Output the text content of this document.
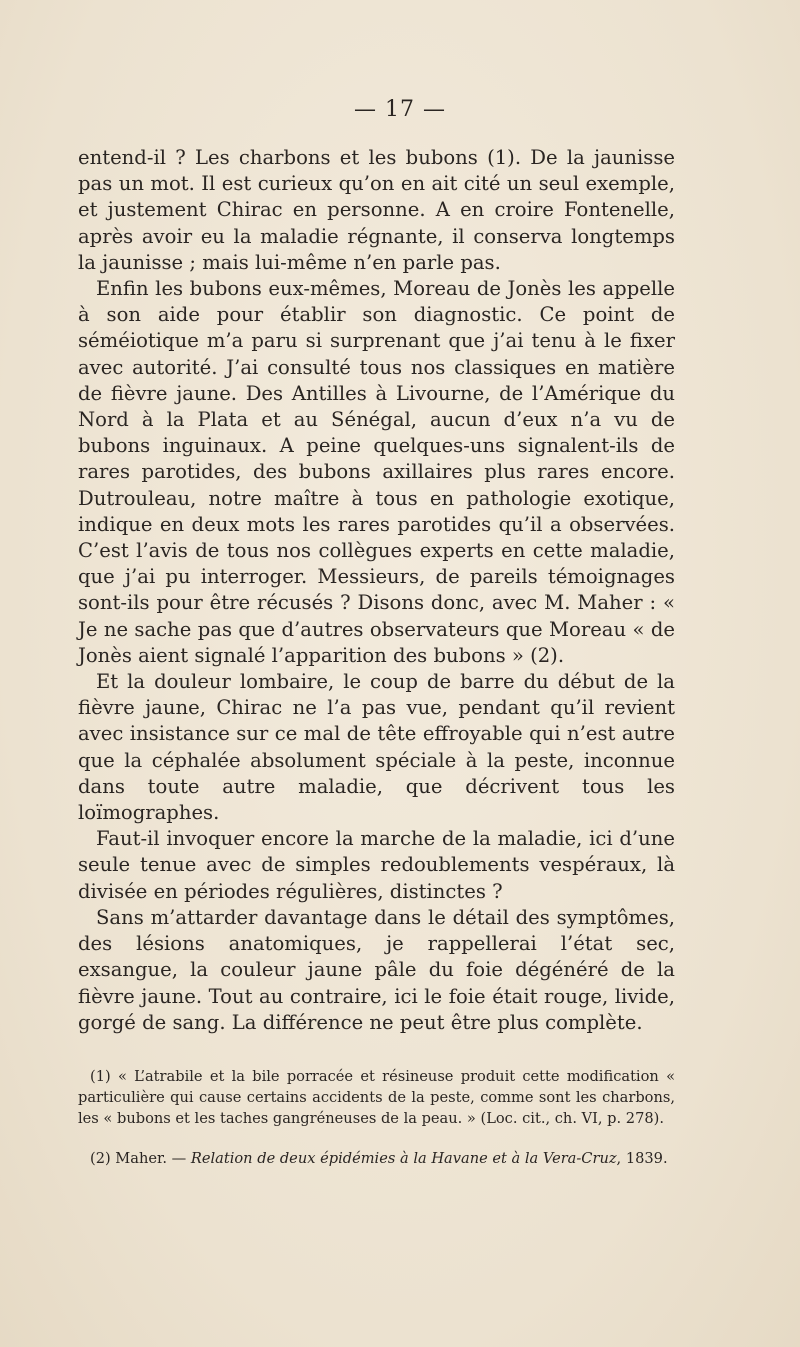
— 17 —

entend-il ? Les charbons et les bubons (1). De la jaunisse pas un mot. Il est curieux qu’on en ait cité un seul exemple, et justement Chirac en personne. A en croire Fontenelle, après avoir eu la maladie régnante, il conserva longtemps la jaunisse ; mais lui-même n’en parle pas.

Enfin les bubons eux-mêmes, Moreau de Jonès les appelle à son aide pour établir son diagnostic. Ce point de séméiotique m’a paru si surprenant que j’ai tenu à le fixer avec autorité. J’ai consulté tous nos classiques en matière de fièvre jaune. Des Antilles à Livourne, de l’Amérique du Nord à la Plata et au Sénégal, aucun d’eux n’a vu de bubons inguinaux. A peine quelques-uns signalent-ils de rares parotides, des bubons axillaires plus rares encore. Dutrouleau, notre maître à tous en pathologie exotique, indique en deux mots les rares parotides qu’il a observées. C’est l’avis de tous nos collègues experts en cette maladie, que j’ai pu interroger. Messieurs, de pareils témoignages sont-ils pour être récusés ? Disons donc, avec M. Maher : « Je ne sache pas que d’autres observateurs que Moreau « de Jonès aient signalé l’apparition des bubons » (2).

Et la douleur lombaire, le coup de barre du début de la fièvre jaune, Chirac ne l’a pas vue, pendant qu’il revient avec insistance sur ce mal de tête effroyable qui n’est autre que la céphalée absolument spéciale à la peste, inconnue dans toute autre maladie, que décrivent tous les loïmographes.

Faut-il invoquer encore la marche de la maladie, ici d’une seule tenue avec de simples redoublements vespéraux, là divisée en périodes régulières, distinctes ?

Sans m’attarder davantage dans le détail des symptômes, des lésions anatomiques, je rappellerai l’état sec, exsangue, la couleur jaune pâle du foie dégénéré de la fièvre jaune. Tout au contraire, ici le foie était rouge, livide, gorgé de sang. La différence ne peut être plus complète.

(1) « L’atrabile et la bile porracée et résineuse produit cette modification « particulière qui cause certains accidents de la peste, comme sont les charbons, les « bubons et les taches gangréneuses de la peau. » (Loc. cit., ch. VI, p. 278).

(2) Maher. — Relation de deux épidémies à la Havane et à la Vera-Cruz, 1839.
